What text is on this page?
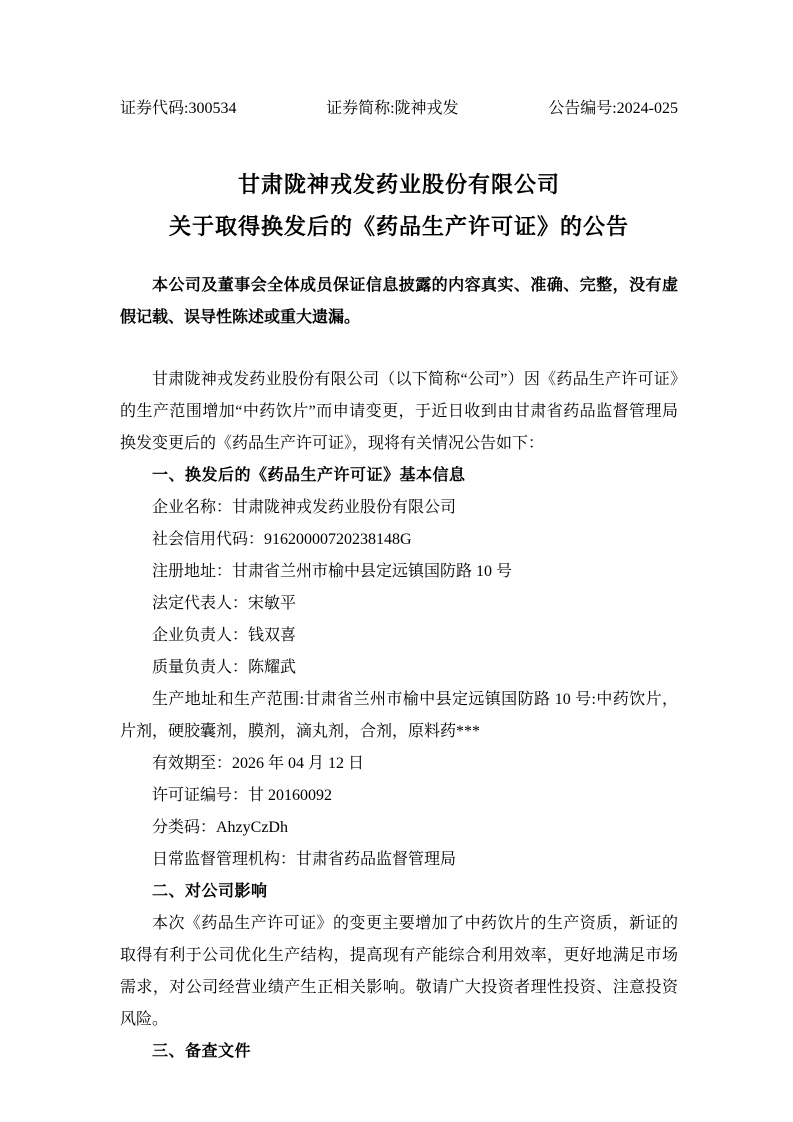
证券代码:300534	证券简称:陇神戎发	公告编号:2024-025
甘肃陇神戎发药业股份有限公司
关于取得换发后的《药品生产许可证》的公告

本公司及董事会全体成员保证信息披露的内容真实、准确、完整，没有虚假记载、误导性陈述或重大遗漏。

甘肃陇神戎发药业股份有限公司（以下简称“公司”）因《药品生产许可证》的生产范围增加“中药饮片”而申请变更，于近日收到由甘肃省药品监督管理局换发变更后的《药品生产许可证》，现将有关情况公告如下：

一、换发后的《药品生产许可证》基本信息

企业名称：甘肃陇神戎发药业股份有限公司

社会信用代码：91620000720238148G

注册地址：甘肃省兰州市榆中县定远镇国防路 10 号

法定代表人：宋敏平

企业负责人：钱双喜

质量负责人：陈耀武

生产地址和生产范围:甘肃省兰州市榆中县定远镇国防路 10 号:中药饮片，片剂，硬胶囊剂，膜剂，滴丸剂，合剂，原料药***

有效期至：2026 年 04 月 12 日

许可证编号：甘 20160092

分类码：AhzyCzDh

日常监督管理机构：甘肃省药品监督管理局

二、对公司影响

本次《药品生产许可证》的变更主要增加了中药饮片的生产资质，新证的取得有利于公司优化生产结构，提高现有产能综合利用效率，更好地满足市场需求，对公司经营业绩产生正相关影响。敬请广大投资者理性投资、注意投资风险。

三、备查文件
